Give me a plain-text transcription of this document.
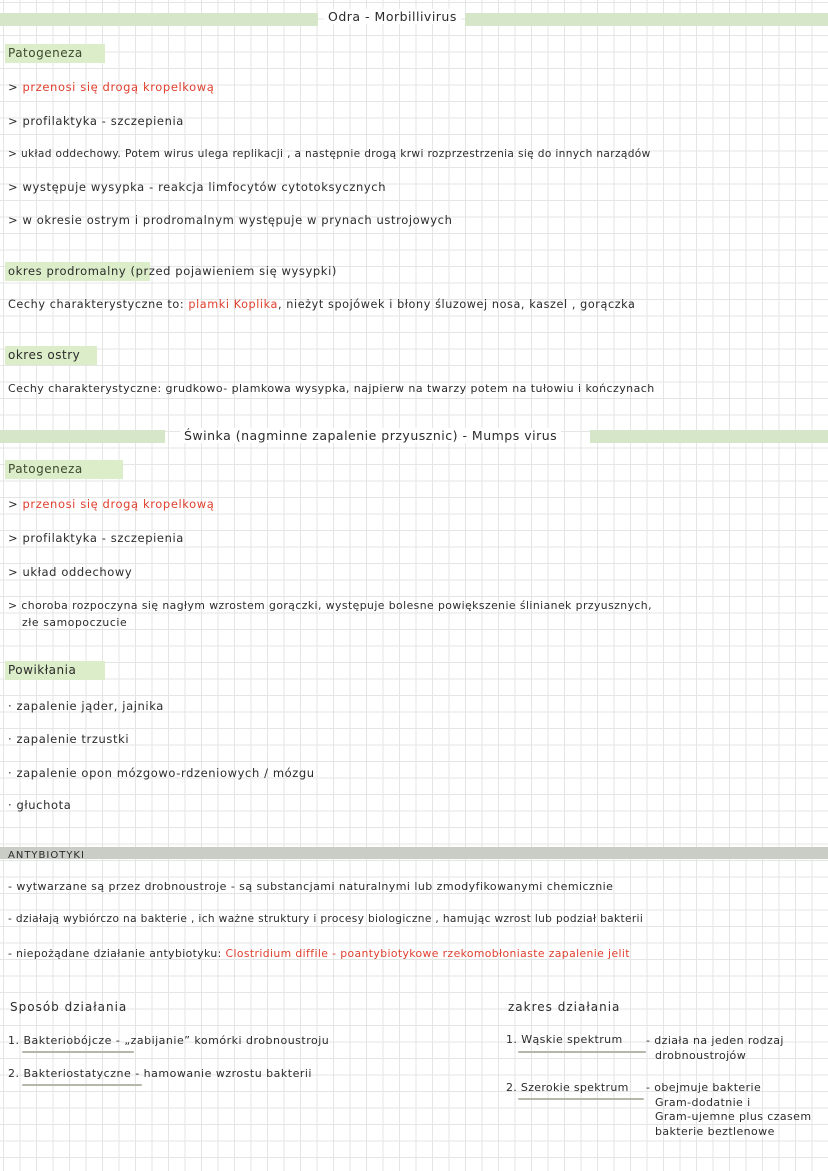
Odra - Morbillivirus
Patogeneza
> przenosi się drogą kropelkową
> profilaktyka - szczepienia
> układ oddechowy. Potem wirus ulega replikacji , a następnie drogą krwi rozprzestrzenia się do innych narządów
> występuje wysypka - reakcja limfocytów cytotoksycznych
> w okresie ostrym i prodromalnym występuje w prynach ustrojowych
okres prodromalny (przed pojawieniem się wysypki)
Cechy charakterystyczne to: plamki Koplika, nieżyt spojówek i błony śluzowej nosa, kaszel , gorączka
okres ostry
Cechy charakterystyczne: grudkowo- plamkowa wysypka, najpierw na twarzy potem na tułowiu i kończynach
Świnka (nagminne zapalenie przyusznic) - Mumps virus
Patogeneza
> przenosi się drogą kropelkową
> profilaktyka - szczepienia
> układ oddechowy
> choroba rozpoczyna się nagłym wzrostem gorączki, występuje bolesne powiększenie ślinianek przyusznych,
złe samopoczucie
Powikłania
· zapalenie jąder, jajnika
· zapalenie trzustki
· zapalenie opon mózgowo-rdzeniowych / mózgu
· głuchota
ANTYBIOTYKI
- wytwarzane są przez drobnoustroje - są substancjami naturalnymi lub zmodyfikowanymi chemicznie
- działają wybiórczo na bakterie , ich ważne struktury i procesy biologiczne , hamując wzrost lub podział bakterii
- niepożądane działanie antybiotyku: Clostridium diffile - poantybiotykowe rzekomobłoniaste zapalenie jelit
Sposób działania
1. Bakteriobójcze - „zabijanie” komórki drobnoustroju
2. Bakteriostatyczne - hamowanie wzrostu bakterii
zakres działania
1. Wąskie spektrum - działa na jeden rodzaj
drobnoustrojów
2. Szerokie spektrum - obejmuje bakterie
Gram-dodatnie i
Gram-ujemne plus czasem
bakterie beztlenowe
